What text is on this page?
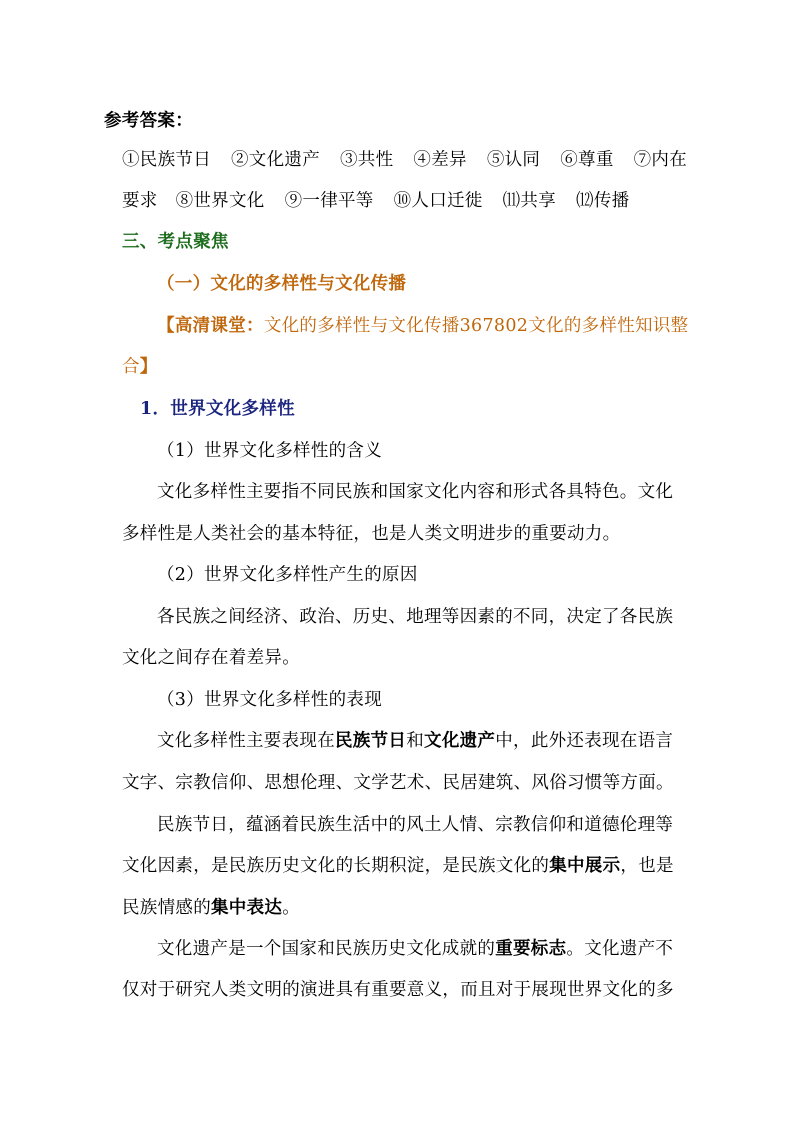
参考答案：
①民族节日 ②文化遗产 ③共性 ④差异 ⑤认同 ⑥尊重 ⑦内在
要求 ⑧世界文化 ⑨一律平等 ⑩人口迁徙 ⑾共享 ⑿传播
三、考点聚焦
（一）文化的多样性与文化传播
【高清课堂：文化的多样性与文化传播367802文化的多样性知识整
合】
1．世界文化多样性
（1）世界文化多样性的含义
文化多样性主要指不同民族和国家文化内容和形式各具特色。文化
多样性是人类社会的基本特征，也是人类文明进步的重要动力。
（2）世界文化多样性产生的原因
各民族之间经济、政治、历史、地理等因素的不同，决定了各民族
文化之间存在着差异。
（3）世界文化多样性的表现
文化多样性主要表现在民族节日和文化遗产中，此外还表现在语言
文字、宗教信仰、思想伦理、文学艺术、民居建筑、风俗习惯等方面。
民族节日，蕴涵着民族生活中的风土人情、宗教信仰和道德伦理等
文化因素，是民族历史文化的长期积淀，是民族文化的集中展示，也是
民族情感的集中表达。
文化遗产是一个国家和民族历史文化成就的重要标志。文化遗产不
仅对于研究人类文明的演进具有重要意义，而且对于展现世界文化的多
